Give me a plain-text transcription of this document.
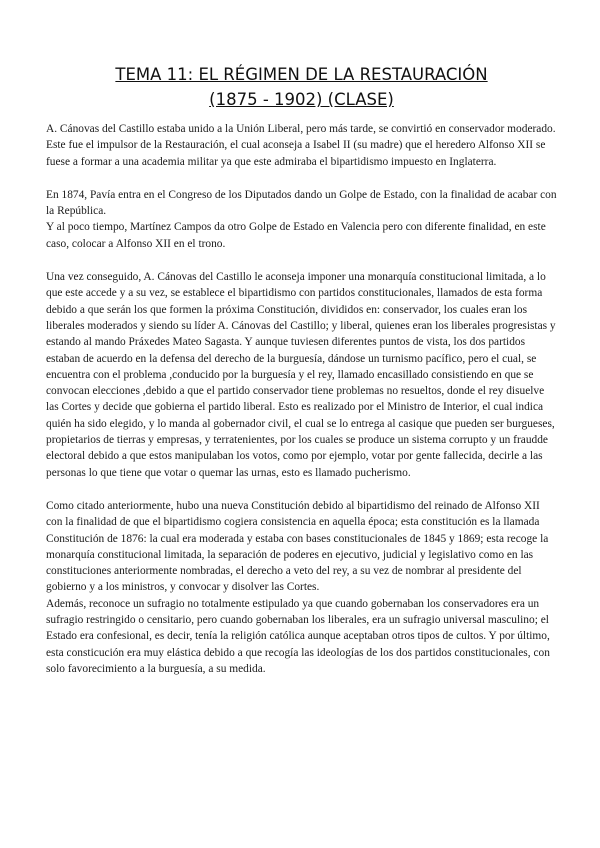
TEMA 11: EL RÉGIMEN DE LA RESTAURACIÓN
(1875 - 1902) (CLASE)

A. Cánovas del Castillo estaba unido a la Unión Liberal, pero más tarde, se convirtió en conservador moderado.
Este fue el impulsor de la Restauración, el cual aconseja a Isabel II (su madre) que el heredero Alfonso XII se fuese a formar a una academia militar ya que este admiraba el bipartidismo impuesto en Inglaterra.

En 1874, Pavía entra en el Congreso de los Diputados dando un Golpe de Estado, con la finalidad de acabar con la República.
Y al poco tiempo, Martínez Campos da otro Golpe de Estado en Valencia pero con diferente finalidad, en este caso, colocar a Alfonso XII en el trono.

Una vez conseguido, A. Cánovas del Castillo le aconseja imponer una monarquía constitucional limitada, a lo que este accede y a su vez, se establece el bipartidismo con partidos constitucionales, llamados de esta forma debido a que serán los que formen la próxima Constitución, divididos en: conservador, los cuales eran los liberales moderados y siendo su líder A. Cánovas del Castillo; y liberal, quienes eran los liberales progresistas y estando al mando Práxedes Mateo Sagasta. Y aunque tuviesen diferentes puntos de vista, los dos partidos estaban de acuerdo en la defensa del derecho de la burguesía, dándose un turnismo pacífico, pero el cual, se encuentra con el problema ,conducido por la burguesía y el rey, llamado encasillado consistiendo en que se convocan elecciones ,debido a que el partido conservador tiene problemas no resueltos, donde el rey disuelve las Cortes y decide que gobierna el partido liberal. Esto es realizado por el Ministro de Interior, el cual indica quién ha sido elegido, y lo manda al gobernador civil, el cual se lo entrega al casique que pueden ser burgueses, propietarios de tierras y empresas, y terratenientes, por los cuales se produce un sistema corrupto y un fraudde electoral debido a que estos manipulaban los votos, como por ejemplo, votar por gente fallecida, decirle a las personas lo que tiene que votar o quemar las urnas, esto es llamado pucherismo.

Como citado anteriormente, hubo una nueva Constitución debido al bipartidismo del reinado de Alfonso XII con la finalidad de que el bipartidismo cogiera consistencia en aquella época; esta constitución es la llamada Constitución de 1876: la cual era moderada y estaba con bases constitucionales de 1845 y 1869; esta recoge la monarquía constitucional limitada, la separación de poderes en ejecutivo, judicial y legislativo como en las constituciones anteriormente nombradas, el derecho a veto del rey, a su vez de nombrar al presidente del gobierno y a los ministros, y convocar y disolver las Cortes.
Además, reconoce un sufragio no totalmente estipulado ya que cuando gobernaban los conservadores era un sufragio restringido o censitario, pero cuando gobernaban los liberales, era un sufragio universal masculino; el Estado era confesional, es decir, tenía la religión católica aunque aceptaban otros tipos de cultos. Y por último, esta consticución era muy elástica debido a que recogía las ideologías de los dos partidos constitucionales, con solo favorecimiento a la burguesía, a su medida.
